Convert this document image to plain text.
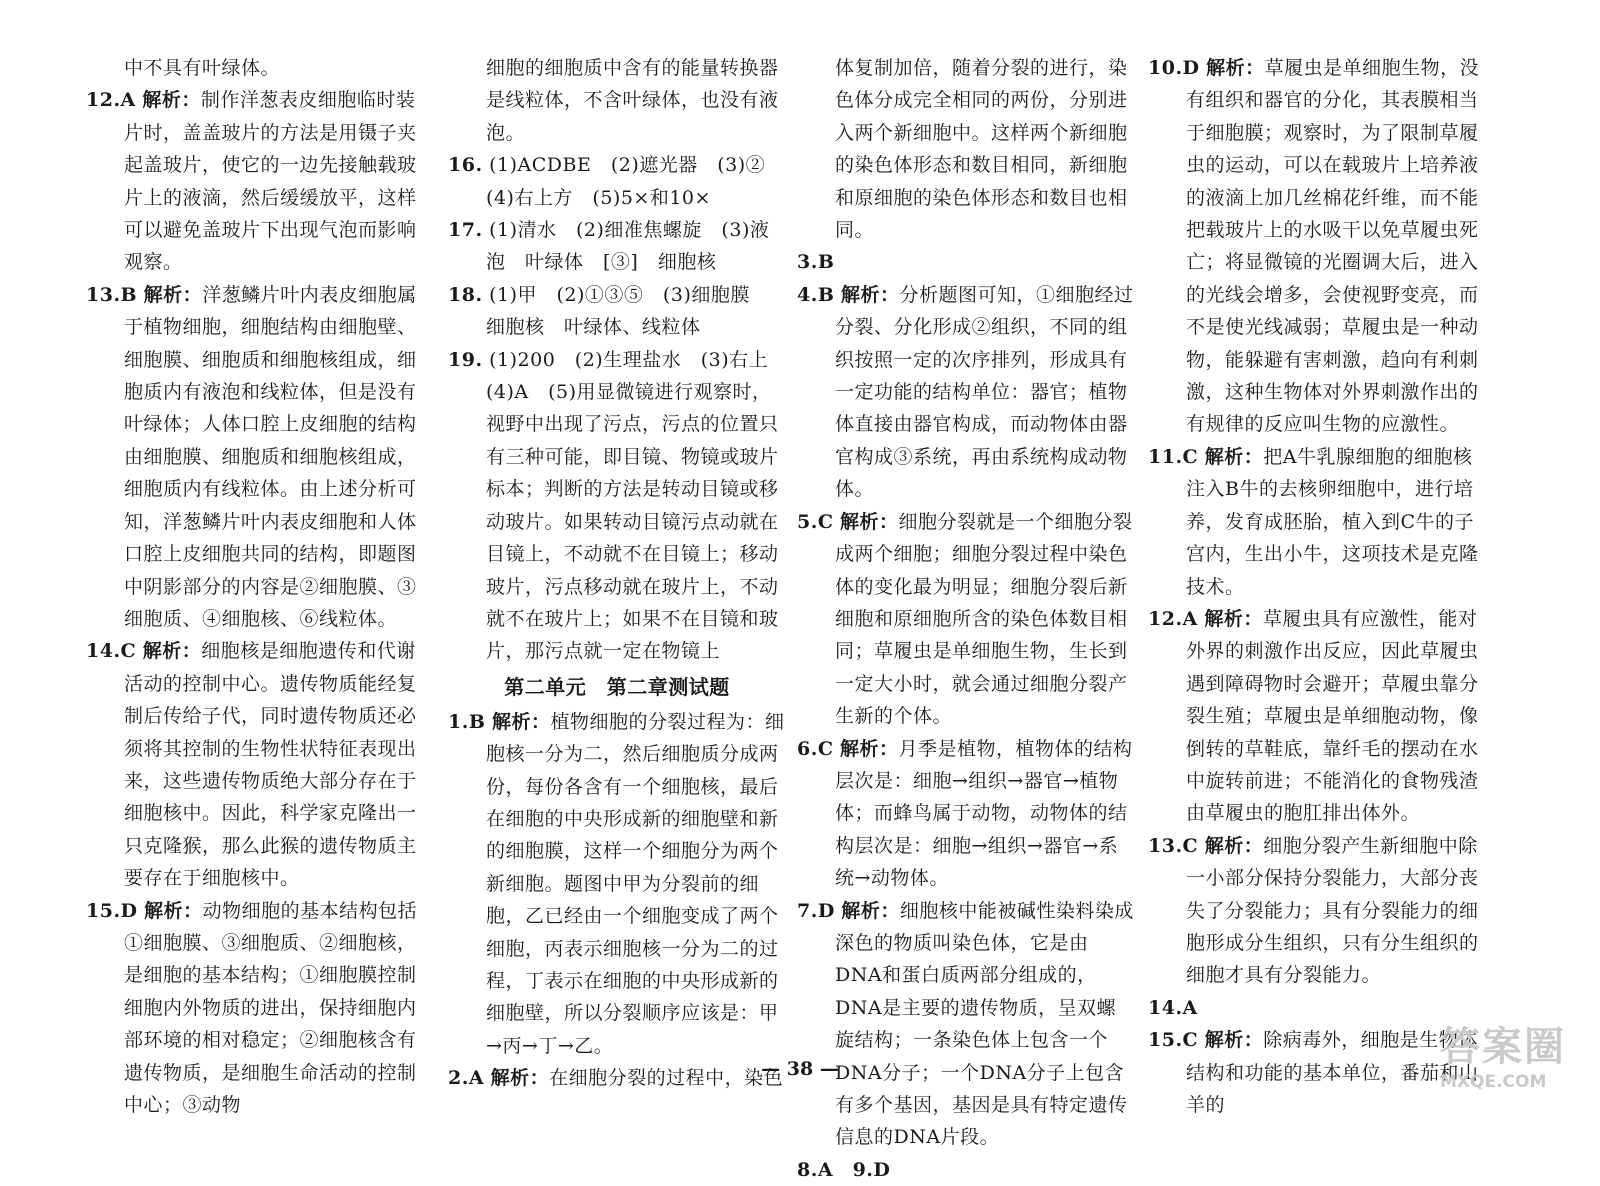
中不具有叶绿体。

12.A 解析：制作洋葱表皮细胞临时装片时，盖盖玻片的方法是用镊子夹起盖玻片，使它的一边先接触载玻片上的液滴，然后缓缓放平，这样可以避免盖玻片下出现气泡而影响观察。

13.B 解析：洋葱鳞片叶内表皮细胞属于植物细胞，细胞结构由细胞壁、细胞膜、细胞质和细胞核组成，细胞质内有液泡和线粒体，但是没有叶绿体；人体口腔上皮细胞的结构由细胞膜、细胞质和细胞核组成，细胞质内有线粒体。由上述分析可知，洋葱鳞片叶内表皮细胞和人体口腔上皮细胞共同的结构，即题图中阴影部分的内容是②细胞膜、③细胞质、④细胞核、⑥线粒体。

14.C 解析：细胞核是细胞遗传和代谢活动的控制中心。遗传物质能经复制后传给子代，同时遗传物质还必须将其控制的生物性状特征表现出来，这些遗传物质绝大部分存在于细胞核中。因此，科学家克隆出一只克隆猴，那么此猴的遗传物质主要存在于细胞核中。

15.D 解析：动物细胞的基本结构包括①细胞膜、③细胞质、②细胞核，是细胞的基本结构；①细胞膜控制细胞内外物质的进出，保持细胞内部环境的相对稳定；②细胞核含有遗传物质，是细胞生命活动的控制中心；③动物

细胞的细胞质中含有的能量转换器是线粒体，不含叶绿体，也没有液泡。

16. (1)ACDBE　(2)遮光器　(3)②

(4)右上方　(5)5×和10×

17. (1)清水　(2)细准焦螺旋　(3)液泡　叶绿体　[③]　细胞核

18. (1)甲　(2)①③⑤　(3)细胞膜

细胞核　叶绿体、线粒体

19. (1)200　(2)生理盐水　(3)右上

(4)A　(5)用显微镜进行观察时，视野中出现了污点，污点的位置只有三种可能，即目镜、物镜或玻片标本；判断的方法是转动目镜或移动玻片。如果转动目镜污点动就在目镜上，不动就不在目镜上；移动玻片，污点移动就在玻片上，不动就不在玻片上；如果不在目镜和玻片，那污点就一定在物镜上

第二单元　第二章测试题

1.B 解析：植物细胞的分裂过程为：细胞核一分为二，然后细胞质分成两份，每份各含有一个细胞核，最后在细胞的中央形成新的细胞壁和新的细胞膜，这样一个细胞分为两个新细胞。题图中甲为分裂前的细胞，乙已经由一个细胞变成了两个细胞，丙表示细胞核一分为二的过程，丁表示在细胞的中央形成新的细胞壁，所以分裂顺序应该是：甲→丙→丁→乙。

2.A 解析：在细胞分裂的过程中，染色

体复制加倍，随着分裂的进行，染色体分成完全相同的两份，分别进入两个新细胞中。这样两个新细胞的染色体形态和数目相同，新细胞和原细胞的染色体形态和数目也相同。

3.B

4.B 解析：分析题图可知，①细胞经过分裂、分化形成②组织，不同的组织按照一定的次序排列，形成具有一定功能的结构单位：器官；植物体直接由器官构成，而动物体由器官构成③系统，再由系统构成动物体。

5.C 解析：细胞分裂就是一个细胞分裂成两个细胞；细胞分裂过程中染色体的变化最为明显；细胞分裂后新细胞和原细胞所含的染色体数目相同；草履虫是单细胞生物，生长到一定大小时，就会通过细胞分裂产生新的个体。

6.C 解析：月季是植物，植物体的结构层次是：细胞→组织→器官→植物体；而蜂鸟属于动物，动物体的结构层次是：细胞→组织→器官→系统→动物体。

7.D 解析：细胞核中能被碱性染料染成深色的物质叫染色体，它是由DNA和蛋白质两部分组成的，DNA是主要的遗传物质，呈双螺旋结构；一条染色体上包含一个DNA分子；一个DNA分子上包含有多个基因，基因是具有特定遗传信息的DNA片段。

8.A　9.D

10.D 解析：草履虫是单细胞生物，没有组织和器官的分化，其表膜相当于细胞膜；观察时，为了限制草履虫的运动，可以在载玻片上培养液的液滴上加几丝棉花纤维，而不能把载玻片上的水吸干以免草履虫死亡；将显微镜的光圈调大后，进入的光线会增多，会使视野变亮，而不是使光线减弱；草履虫是一种动物，能躲避有害刺激，趋向有利刺激，这种生物体对外界刺激作出的有规律的反应叫生物的应激性。

11.C 解析：把A牛乳腺细胞的细胞核注入B牛的去核卵细胞中，进行培养，发育成胚胎，植入到C牛的子宫内，生出小牛，这项技术是克隆技术。

12.A 解析：草履虫具有应激性，能对外界的刺激作出反应，因此草履虫遇到障碍物时会避开；草履虫靠分裂生殖；草履虫是单细胞动物，像倒转的草鞋底，靠纤毛的摆动在水中旋转前进；不能消化的食物残渣由草履虫的胞肛排出体外。

13.C 解析：细胞分裂产生新细胞中除一小部分保持分裂能力，大部分丧失了分裂能力；具有分裂能力的细胞形成分生组织，只有分生组织的细胞才具有分裂能力。

14.A

15.C 解析：除病毒外，细胞是生物体结构和功能的基本单位，番茄和山羊的

— 38 —	答案圈
MXQE.COM
